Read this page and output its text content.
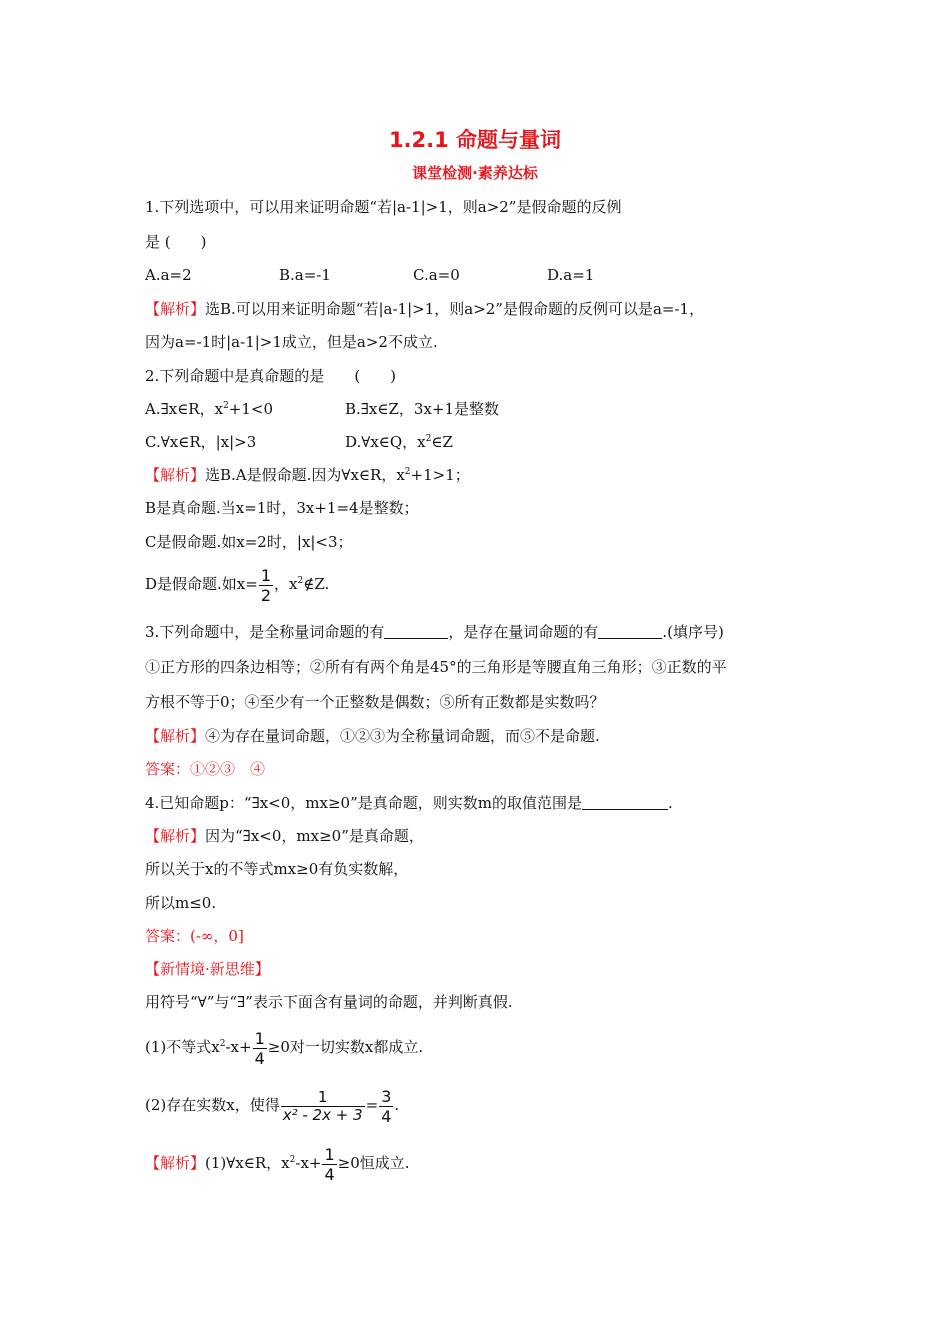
1.2.1 命题与量词
课堂检测·素养达标
1.下列选项中，可以用来证明命题“若|a-1|>1，则a>2”是假命题的反例
是 (　　)
A.a=2	B.a=-1	C.a=0	D.a=1
【解析】选B.可以用来证明命题“若|a-1|>1，则a>2”是假命题的反例可以是a=-1，
因为a=-1时|a-1|>1成立，但是a>2不成立.
2.下列命题中是真命题的是　　(　　)
A.∃x∈R，$x^2+1<0$	B.∃x∈Z，3x+1是整数
C.∀x∈R，|x|>3	D.∀x∈Q，$x^2\in Z$
【解析】选B.A是假命题.因为∀x∈R，$x^2+1>1$；
B是真命题.当x=1时，3x+1=4是整数；
C是假命题.如x=2时，|x|<3；
D是假命题.如$x= \frac{1}{2}$ ，$x^2\notin Z$.
3.下列命题中，是全称量词命题的有	，是存在量词命题的有	.(填序号)
①正方形的四条边相等；②所有有两个角是45°的三角形是等腰直角三角形；③正数的平
方根不等于0；④至少有一个正整数是偶数；⑤所有正数都是实数吗？
【解析】④为存在量词命题，①②③为全称量词命题，而⑤不是命题.
答案：①②③　④
4.已知命题p：“∃x<0，mx≥0”是真命题，则实数m的取值范围是	.
【解析】因为“∃x<0，mx≥0”是真命题，
所以关于x的不等式mx≥0有负实数解，
所以m≤0.
答案：(-∞，0]
【新情境·新思维】
用符号“∀”与“∃”表示下面含有量词的命题，并判断真假.
(1)不等式$x^2-x+ \frac{1}{4} \ge 0$对一切实数x都成立.
(2)存在实数x，使得 $\frac{1}{\text{x² - 2x + 3}} = \frac{3}{4}$ .
【解析】(1)∀x∈R，$x^2-x+ \frac{1}{4} \ge 0$恒成立.
